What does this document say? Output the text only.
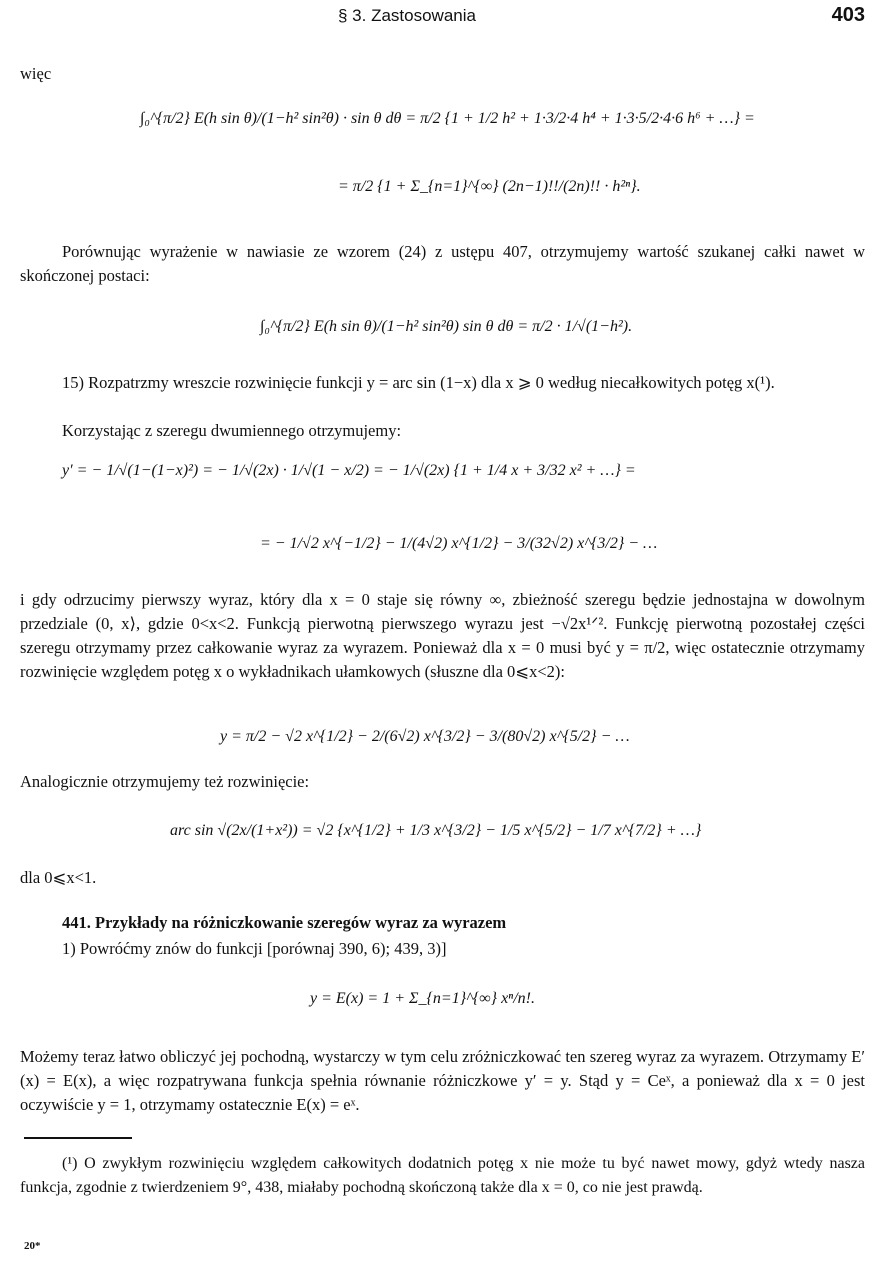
§ 3. Zastosowania	403
więc
∫₀^{π/2} E(h sin θ)/(1−h² sin²θ) · sin θ dθ = π/2 {1 + 1/2 h² + 1·3/2·4 h⁴ + 1·3·5/2·4·6 h⁶ + …} =
= π/2 {1 + Σ_{n=1}^{∞} (2n−1)!!/(2n)!! · h²ⁿ}.
Porównując wyrażenie w nawiasie ze wzorem (24) z ustępu 407, otrzymujemy wartość szukanej całki nawet w skończonej postaci:
∫₀^{π/2} E(h sin θ)/(1−h² sin²θ) sin θ dθ = π/2 · 1/√(1−h²).
15) Rozpatrzmy wreszcie rozwinięcie funkcji y = arc sin (1−x) dla x ⩾ 0 według niecałkowitych potęg x(¹).
Korzystając z szeregu dwumiennego otrzymujemy:
y′ = − 1/√(1−(1−x)²) = − 1/√(2x) · 1/√(1 − x/2) = − 1/√(2x) {1 + 1/4 x + 3/32 x² + …} =
= − 1/√2 x^{−1/2} − 1/(4√2) x^{1/2} − 3/(32√2) x^{3/2} − …
i gdy odrzucimy pierwszy wyraz, który dla x = 0 staje się równy ∞, zbieżność szeregu będzie jednostajna w dowolnym przedziale (0, x⟩, gdzie 0<x<2. Funkcją pierwotną pierwszego wyrazu jest −√2x¹ᐟ². Funkcję pierwotną pozostałej części szeregu otrzymamy przez całkowanie wyraz za wyrazem. Ponieważ dla x = 0 musi być y = π/2, więc ostatecznie otrzymamy rozwinięcie względem potęg x o wykładnikach ułamkowych (słuszne dla 0⩽x<2):
y = π/2 − √2 x^{1/2} − 2/(6√2) x^{3/2} − 3/(80√2) x^{5/2} − …
Analogicznie otrzymujemy też rozwinięcie:
arc sin √(2x/(1+x²)) = √2 {x^{1/2} + 1/3 x^{3/2} − 1/5 x^{5/2} − 1/7 x^{7/2} + …}
dla 0⩽x<1.
441. Przykłady na różniczkowanie szeregów wyraz za wyrazem
1) Powróćmy znów do funkcji [porównaj 390, 6); 439, 3)]
y = E(x) = 1 + Σ_{n=1}^{∞} xⁿ/n!.
Możemy teraz łatwo obliczyć jej pochodną, wystarczy w tym celu zróżniczkować ten szereg wyraz za wyrazem. Otrzymamy E′(x) = E(x), a więc rozpatrywana funkcja spełnia równanie różniczkowe y′ = y. Stąd y = Ceˣ, a ponieważ dla x = 0 jest oczywiście y = 1, otrzymamy ostatecznie E(x) = eˣ.
(¹) O zwykłym rozwinięciu względem całkowitych dodatnich potęg x nie może tu być nawet mowy, gdyż wtedy nasza funkcja, zgodnie z twierdzeniem 9°, 438, miałaby pochodną skończoną także dla x = 0, co nie jest prawdą.
20*
